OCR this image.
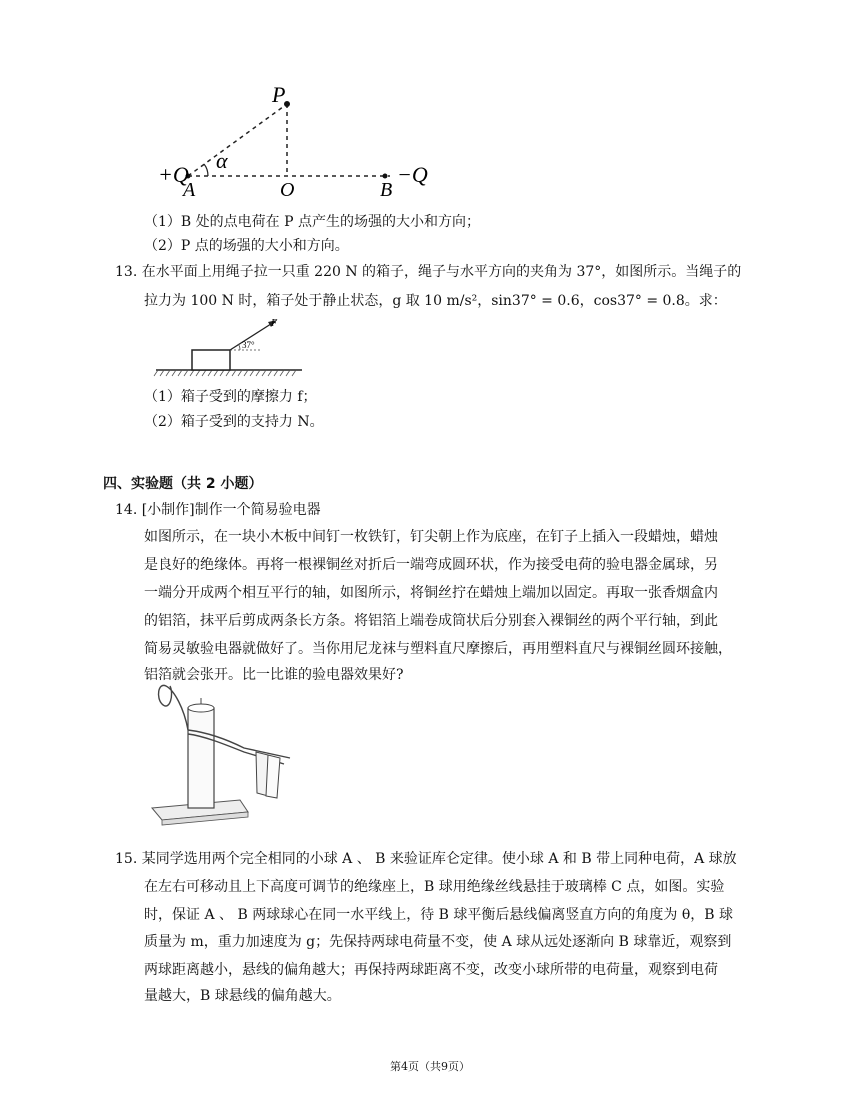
P
+Q
A
α
O	B
−Q
（1）B 处的点电荷在 P 点产生的场强的大小和方向；
（2）P 点的场强的大小和方向。
13. 在水平面上用绳子拉一只重 220 N 的箱子，绳子与水平方向的夹角为 37°，如图所示。当绳子的
拉力为 100 N 时，箱子处于静止状态，g 取 10 m/s²，sin37° = 0.6，cos37° = 0.8。求：
F
37°
（1）箱子受到的摩擦力 f；
（2）箱子受到的支持力 N。
四、实验题（共 2 小题）
14. [小制作]制作一个简易验电器
如图所示，在一块小木板中间钉一枚铁钉，钉尖朝上作为底座，在钉子上插入一段蜡烛，蜡烛
是良好的绝缘体。再将一根裸铜丝对折后一端弯成圆环状，作为接受电荷的验电器金属球，另
一端分开成两个相互平行的轴，如图所示，将铜丝拧在蜡烛上端加以固定。再取一张香烟盒内
的铝箔，抹平后剪成两条长方条。将铝箔上端卷成筒状后分别套入裸铜丝的两个平行轴，到此
简易灵敏验电器就做好了。当你用尼龙袜与塑料直尺摩擦后，再用塑料直尺与裸铜丝圆环接触，
铝箔就会张开。比一比谁的验电器效果好?
15. 某同学选用两个完全相同的小球 A 、 B 来验证库仑定律。使小球 A 和 B 带上同种电荷，A 球放
在左右可移动且上下高度可调节的绝缘座上，B 球用绝缘丝线悬挂于玻璃棒 C 点，如图。实验
时，保证 A 、 B 两球球心在同一水平线上，待 B 球平衡后悬线偏离竖直方向的角度为 θ，B 球
质量为 m，重力加速度为 g；先保持两球电荷量不变，使 A 球从远处逐渐向 B 球靠近，观察到
两球距离越小，悬线的偏角越大；再保持两球距离不变，改变小球所带的电荷量，观察到电荷
量越大，B 球悬线的偏角越大。
第4页（共9页）
